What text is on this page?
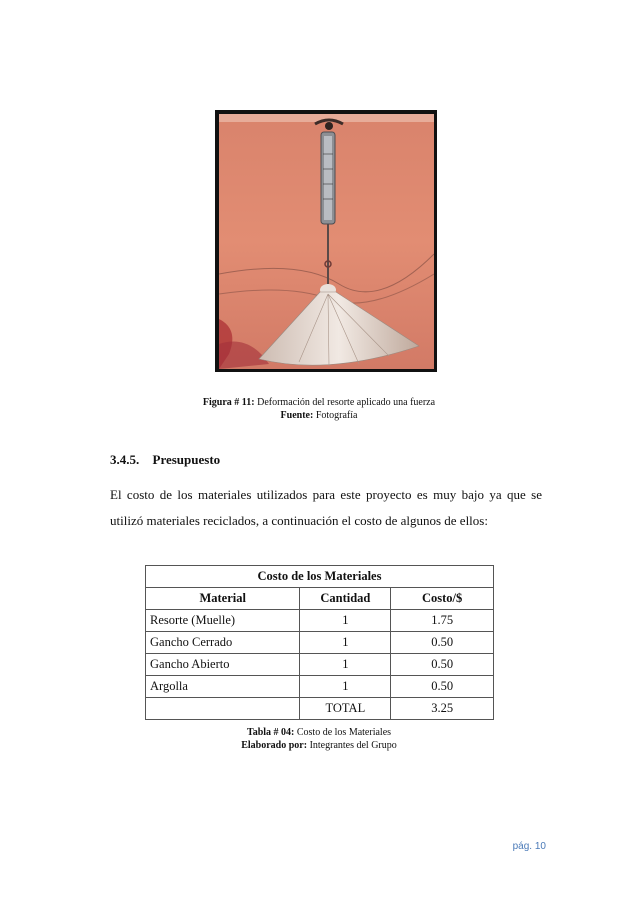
Figura # 11: Deformación del resorte aplicado una fuerza
Fuente: Fotografía
3.4.5. Presupuesto
El costo de los materiales utilizados para este proyecto es muy bajo ya que se utilizó materiales reciclados, a continuación el costo de algunos de ellos:
Costo de los Materiales		
Material	Cantidad	Costo/$
Resorte (Muelle)	1	1.75
Gancho Cerrado	1	0.50
Gancho Abierto	1	0.50
Argolla	1	0.50
	TOTAL	3.25
Tabla # 04: Costo de los Materiales
Elaborado por: Integrantes del Grupo
pág. 10
